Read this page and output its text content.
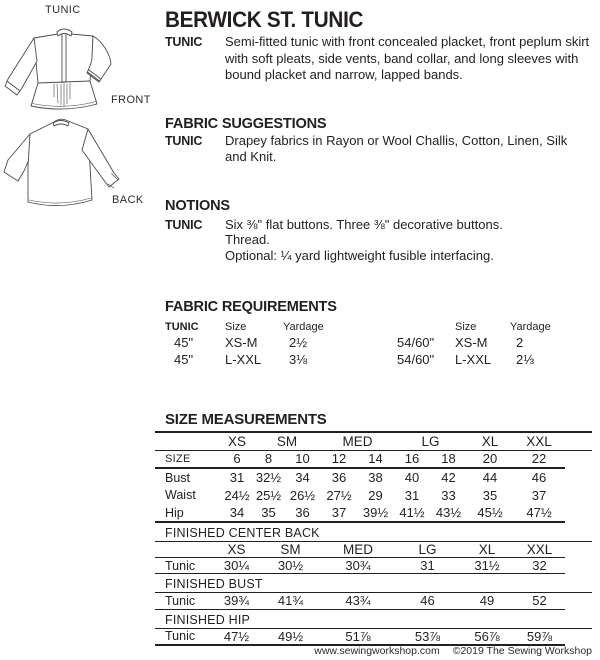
TUNIC
FRONT
BACK
BERWICK ST. TUNIC
TUNIC	Semi-fitted tunic with front concealed placket, front peplum skirt
with soft pleats, side vents, band collar, and long sleeves with
bound placket and narrow, lapped bands.
FABRIC SUGGESTIONS
TUNIC	Drapey fabrics in Rayon or Wool Challis, Cotton, Linen, Silk
and Knit.
NOTIONS
TUNIC	Six ⅜" flat buttons. Three ⅜" decorative buttons.
Thread.
Optional: ¼ yard lightweight fusible interfacing.
FABRIC REQUIREMENTS
TUNIC	Size	Yardage		Size	Yardage
45"	XS-M	2½	54/60"	XS-M	2
45"	L-XXL	3⅛	54/60"	L-XXL	2⅓
SIZE MEASUREMENTS
	XS	SM		MED		LG		XL	XXL	
SIZE	6	8	10	12	14	16	18	20	22	
Bust	31	32½	34	36	38	40	42	44	46	
Waist	24½	25½	26½	27½	29	31	33	35	37	
Hip	34	35	36	37	39½	41½	43½	45½	47½	
FINISHED CENTER BACK
	XS	SM	MED	LG	XL	XXL
Tunic	30¼	30½	30¾	31	31½	32
FINISHED BUST
Tunic	39¾	41¾	43¾	46	49	52
FINISHED HIP
Tunic	47½	49½	51⅞	53⅞	56⅞	59⅞
www.sewingworkshop.com ©2019 The Sewing Workshop
